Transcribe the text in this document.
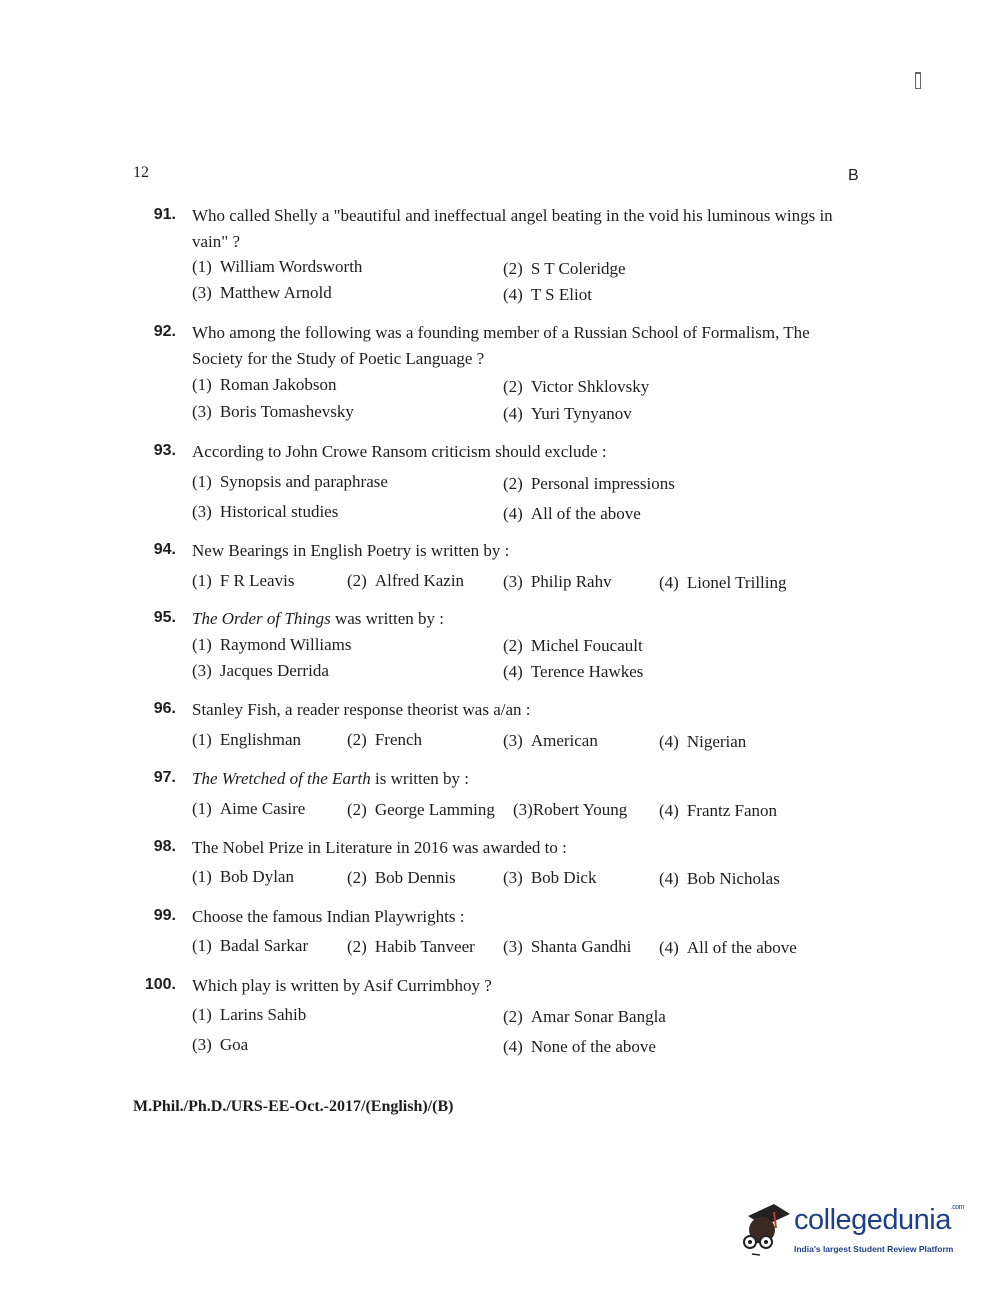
12	B
91. Who called Shelly a "beautiful and ineffectual angel beating in the void his luminous wings in vain" ?
(1) William Wordsworth	(2) S T Coleridge
(3) Matthew Arnold	(4) T S Eliot
92. Who among the following was a founding member of a Russian School of Formalism, The Society for the Study of Poetic Language ?
(1) Roman Jakobson	(2) Victor Shklovsky
(3) Boris Tomashevsky	(4) Yuri Tynyanov
93. According to John Crowe Ransom criticism should exclude :
(1) Synopsis and paraphrase	(2) Personal impressions
(3) Historical studies	(4) All of the above
94. New Bearings in English Poetry is written by :
(1) F R Leavis	(2) Alfred Kazin (3) Philip Rahv	(4) Lionel Trilling
95. The Order of Things was written by :
(1) Raymond Williams	(2) Michel Foucault
(3) Jacques Derrida	(4) Terence Hawkes
96. Stanley Fish, a reader response theorist was a/an :
(1) Englishman	(2) French	(3) American	(4) Nigerian
97. The Wretched of the Earth is written by :
(1) Aime Casire (2) George Lamming (3)Robert Young (4) Frantz Fanon
98. The Nobel Prize in Literature in 2016 was awarded to :
(1) Bob Dylan	(2) Bob Dennis	(3) Bob Dick	(4) Bob Nicholas
99. Choose the famous Indian Playwrights :
(1) Badal Sarkar (2) Habib Tanveer (3) Shanta Gandhi (4) All of the above
100. Which play is written by Asif Currimbhoy ?
(1) Larins Sahib	(2) Amar Sonar Bangla
(3) Goa	(4) None of the above
M.Phil./Ph.D./URS-EE-Oct.-2017/(English)/(B)
collegedunia$^{.com}$
India's largest Student Review Platform
